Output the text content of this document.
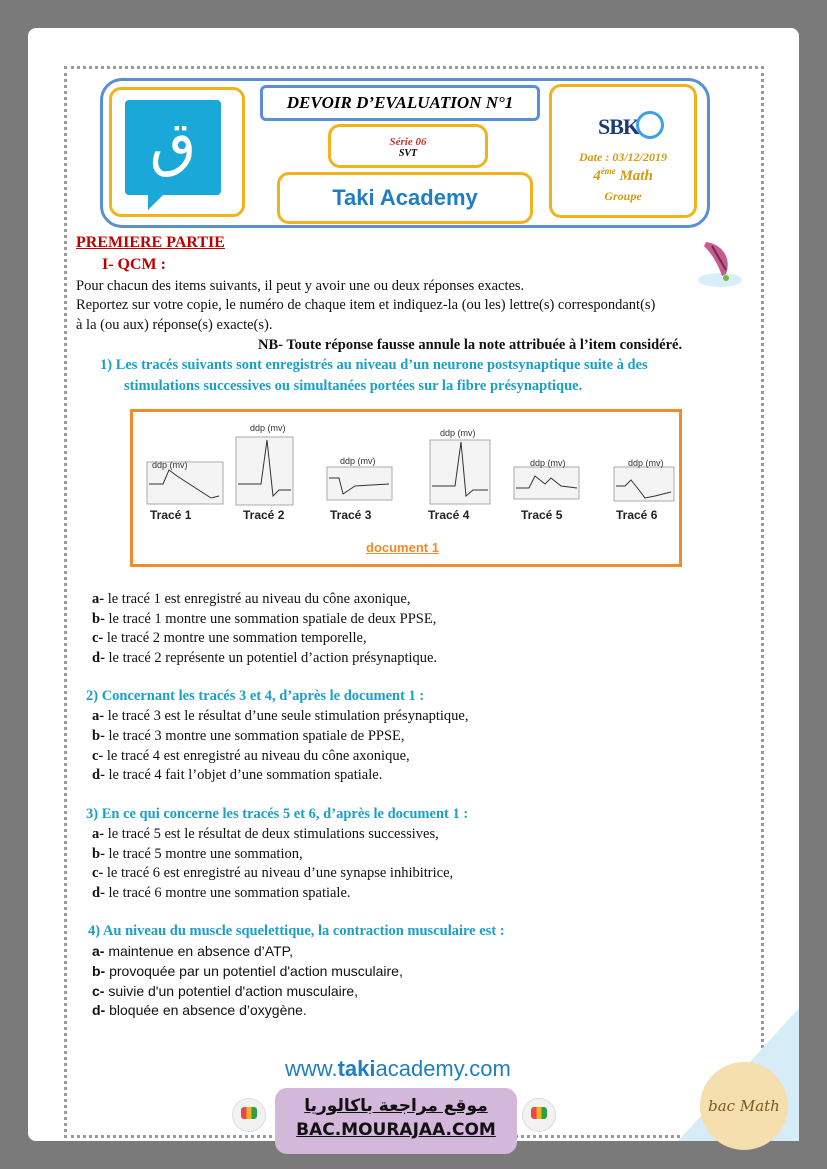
ق
DEVOIR D’EVALUATION N°1
Série 06
SVT
Taki Academy
SBK
Date : 03/12/2019
4ème Math
Groupe
PREMIERE PARTIE
I- QCM :
Pour chacun des items suivants, il peut y avoir une ou deux réponses exactes.
Reportez sur votre copie, le numéro de chaque item et indiquez-la (ou les) lettre(s) correspondant(s)
à la (ou aux) réponse(s) exacte(s).
NB- Toute réponse fausse annule la note attribuée à l’item considéré.
1) Les tracés suivants sont enregistrés au niveau d’un neurone postsynaptique suite à des
stimulations successives ou simultanées portées sur la fibre présynaptique.
ddp (mv)
ddp (mv)
ddp (mv)
ddp (mv)
ddp (mv)	ddp (mv)
Tracé 1	Tracé 2	Tracé 3	Tracé 4	Tracé 5	Tracé 6
document 1
a- le tracé 1 est enregistré au niveau du cône axonique,
b- le tracé 1 montre une sommation spatiale de deux PPSE,
c- le tracé 2 montre une sommation temporelle,
d- le tracé 2 représente un potentiel d’action présynaptique.
2) Concernant les tracés 3 et 4, d’après le document 1 :
a- le tracé 3 est le résultat d’une seule stimulation présynaptique,
b- le tracé 3 montre une sommation spatiale de PPSE,
c- le tracé 4 est enregistré au niveau du cône axonique,
d- le tracé 4 fait l’objet d’une sommation spatiale.
3) En ce qui concerne les tracés 5 et 6, d’après le document 1 :
a- le tracé 5 est le résultat de deux stimulations successives,
b- le tracé 5 montre une sommation,
c- le tracé 6 est enregistré au niveau d’une synapse inhibitrice,
d- le tracé 6 montre une sommation spatiale.
4) Au niveau du muscle squelettique, la contraction musculaire est :
a- maintenue en absence d’ATP,
b- provoquée par un potentiel d'action musculaire,
c- suivie d'un potentiel d'action musculaire,
d- bloquée en absence d’oxygène.
www.takiacademy.com
موقع مراجعة باكالوريا
BAC.MOURAJAA.COM
bac Math
